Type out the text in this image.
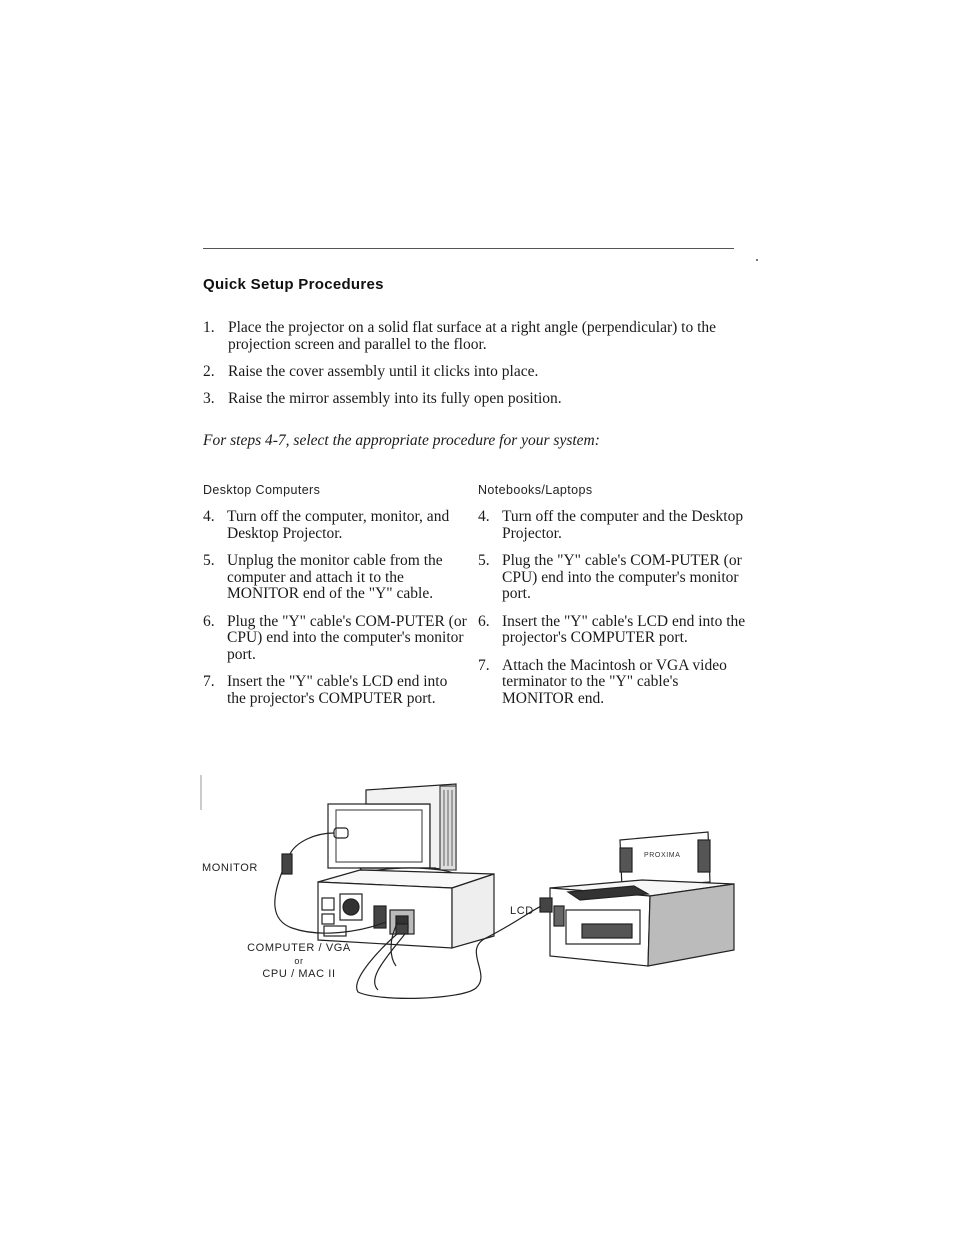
Quick Setup Procedures
1. Place the projector on a solid flat surface at a right angle (perpendicular) to the projection screen and parallel to the floor.
2. Raise the cover assembly until it clicks into place.
3. Raise the mirror assembly into its fully open position.
For steps 4-7, select the appropriate procedure for your system:
Desktop Computers	Notebooks/Laptops
4. Turn off the computer, monitor, and Desktop Projector.
5. Unplug the monitor cable from the computer and attach it to the MONITOR end of the "Y" cable.
6. Plug the "Y" cable's COM-PUTER (or CPU) end into the computer's monitor port.
7. Insert the "Y" cable's LCD end into the projector's COMPUTER port.
4. Turn off the computer and the Desktop Projector.
5. Plug the "Y" cable's COM-PUTER (or CPU) end into the computer's monitor port.
6. Insert the "Y" cable's LCD end into the projector's COMPUTER port.
7. Attach the Macintosh or VGA video terminator to the "Y" cable's MONITOR end.
MONITOR
LCD
COMPUTER / VGA
or
CPU / MAC II
PROXIMA
